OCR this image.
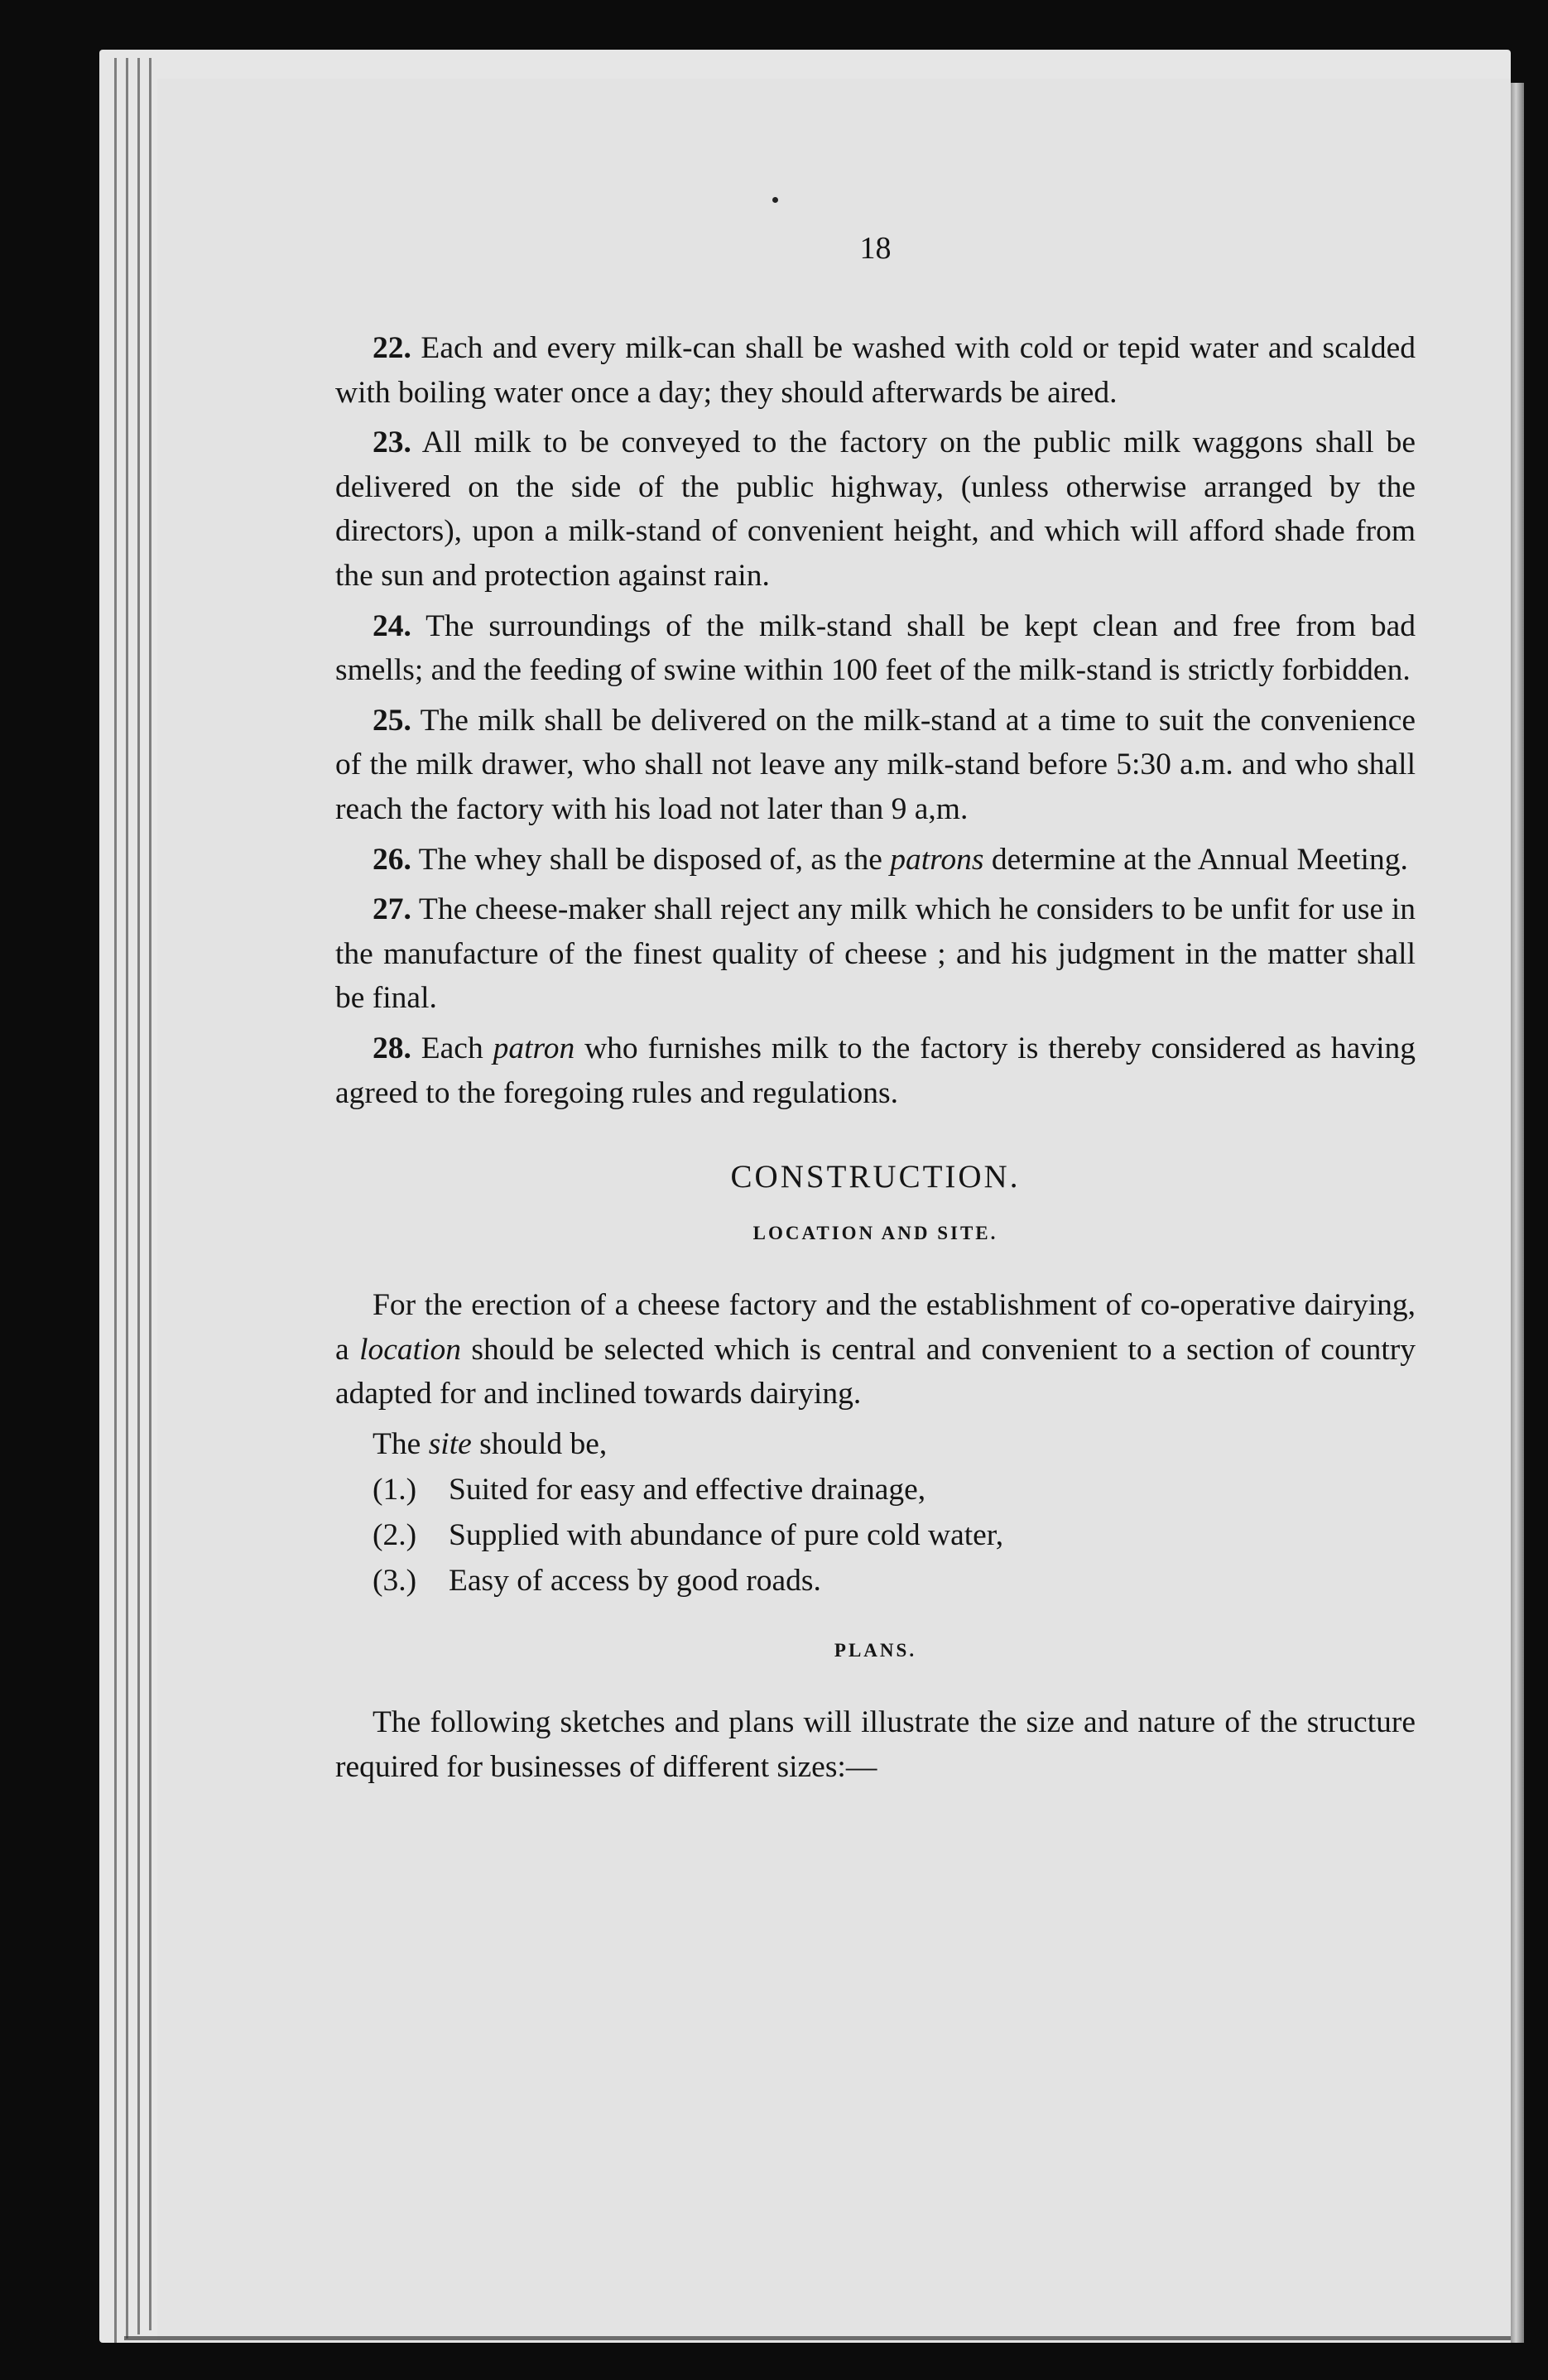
18

22. Each and every milk-can shall be washed with cold or tepid water and scalded with boiling water once a day; they should afterwards be aired.

23. All milk to be conveyed to the factory on the public milk waggons shall be delivered on the side of the public highway, (unless otherwise arranged by the directors), upon a milk-stand of convenient height, and which will afford shade from the sun and protection against rain.

24. The surroundings of the milk-stand shall be kept clean and free from bad smells; and the feeding of swine within 100 feet of the milk-stand is strictly forbidden.

25. The milk shall be delivered on the milk-stand at a time to suit the convenience of the milk drawer, who shall not leave any milk-stand before 5:30 a.m. and who shall reach the factory with his load not later than 9 a,m.

26. The whey shall be disposed of, as the patrons determine at the Annual Meeting.

27. The cheese-maker shall reject any milk which he considers to be unfit for use in the manufacture of the finest quality of cheese ; and his judgment in the matter shall be final.

28. Each patron who furnishes milk to the factory is thereby considered as having agreed to the foregoing rules and regulations.

CONSTRUCTION.
LOCATION AND SITE.

For the erection of a cheese factory and the establishment of co-operative dairying, a location should be selected which is central and convenient to a section of country adapted for and inclined towards dairying.

The site should be,

(1.) Suited for easy and effective drainage,
(2.) Supplied with abundance of pure cold water,
(3.) Easy of access by good roads.
PLANS.

The following sketches and plans will illustrate the size and nature of the structure required for businesses of different sizes:—
